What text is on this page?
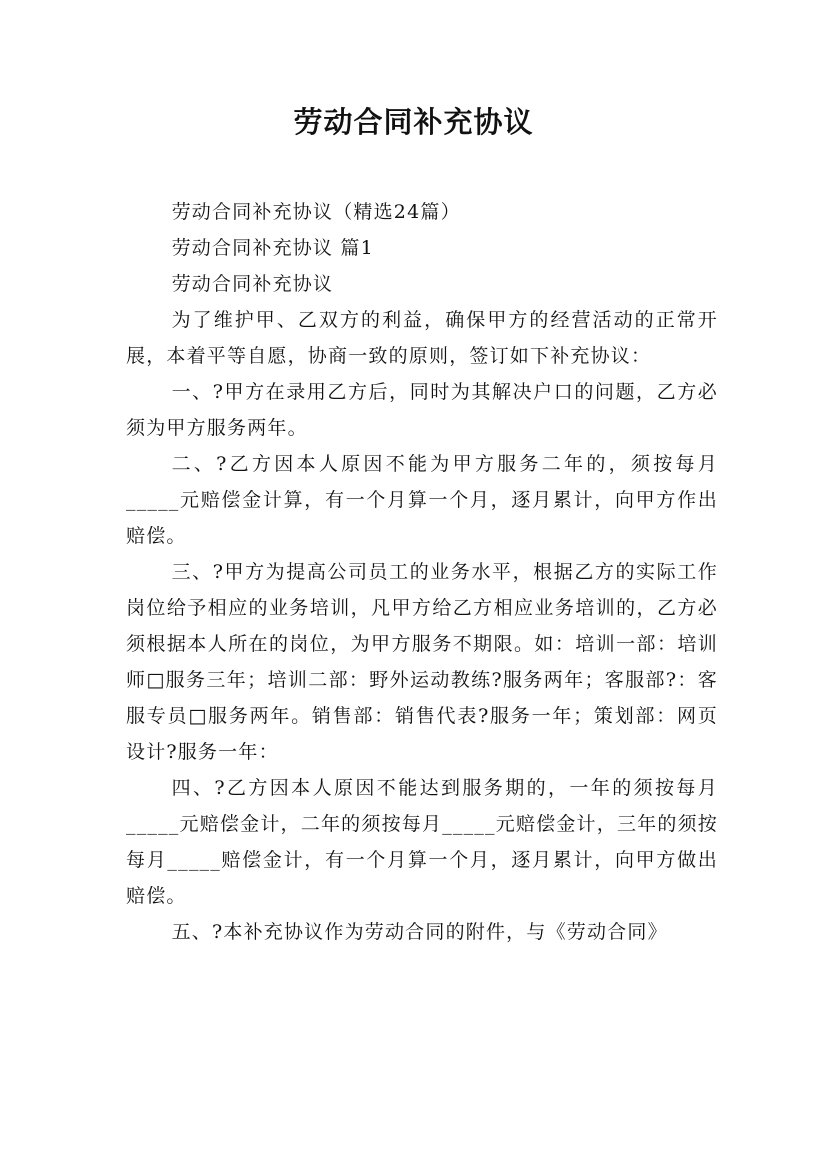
劳动合同补充协议

劳动合同补充协议（精选24篇）

劳动合同补充协议 篇1

劳动合同补充协议

为了维护甲、乙双方的利益，确保甲方的经营活动的正常开展，本着平等自愿，协商一致的原则，签订如下补充协议：

一、?甲方在录用乙方后，同时为其解决户口的问题，乙方必须为甲方服务两年。

二、?乙方因本人原因不能为甲方服务二年的，须按每月_____元赔偿金计算，有一个月算一个月，逐月累计，向甲方作出赔偿。

三、?甲方为提高公司员工的业务水平，根据乙方的实际工作岗位给予相应的业务培训，凡甲方给乙方相应业务培训的，乙方必须根据本人所在的岗位，为甲方服务不期限。如：培训一部：培训师□服务三年；培训二部：野外运动教练?服务两年；客服部?：客服专员□服务两年。销售部：销售代表?服务一年；策划部：网页设计?服务一年：

四、?乙方因本人原因不能达到服务期的，一年的须按每月_____元赔偿金计，二年的须按每月_____元赔偿金计，三年的须按每月_____赔偿金计，有一个月算一个月，逐月累计，向甲方做出赔偿。

五、?本补充协议作为劳动合同的附件，与《劳动合同》
